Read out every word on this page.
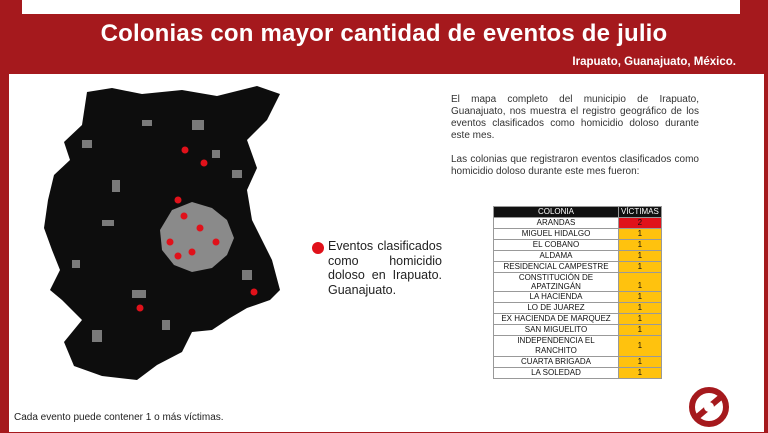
Colonias con mayor cantidad de eventos de julio
Irapuato, Guanajuato, México.
Eventos clasificados como homicidio doloso en Irapuato. Guanajuato.

El mapa completo del municipio de Irapuato, Guanajuato, nos muestra el registro geográfico de los eventos clasificados como homicidio doloso durante este mes.

Las colonias que registraron eventos clasificados como homicidio doloso durante este mes fueron:

COLONIA	VÍCTIMAS
ARANDAS	2
MIGUEL HIDALGO	1
EL COBANO	1
ALDAMA	1
RESIDENCIAL CAMPESTRE	1
CONSTITUCIÓN DE APATZINGÁN	1
LA HACIENDA	1
LO DE JUAREZ	1
EX HACIENDA DE MARQUEZ	1
SAN MIGUELITO	1
INDEPENDENCIA EL RANCHITO	1
CUARTA BRIGADA	1
LA SOLEDAD	1
Cada evento puede contener 1 o más víctimas.
